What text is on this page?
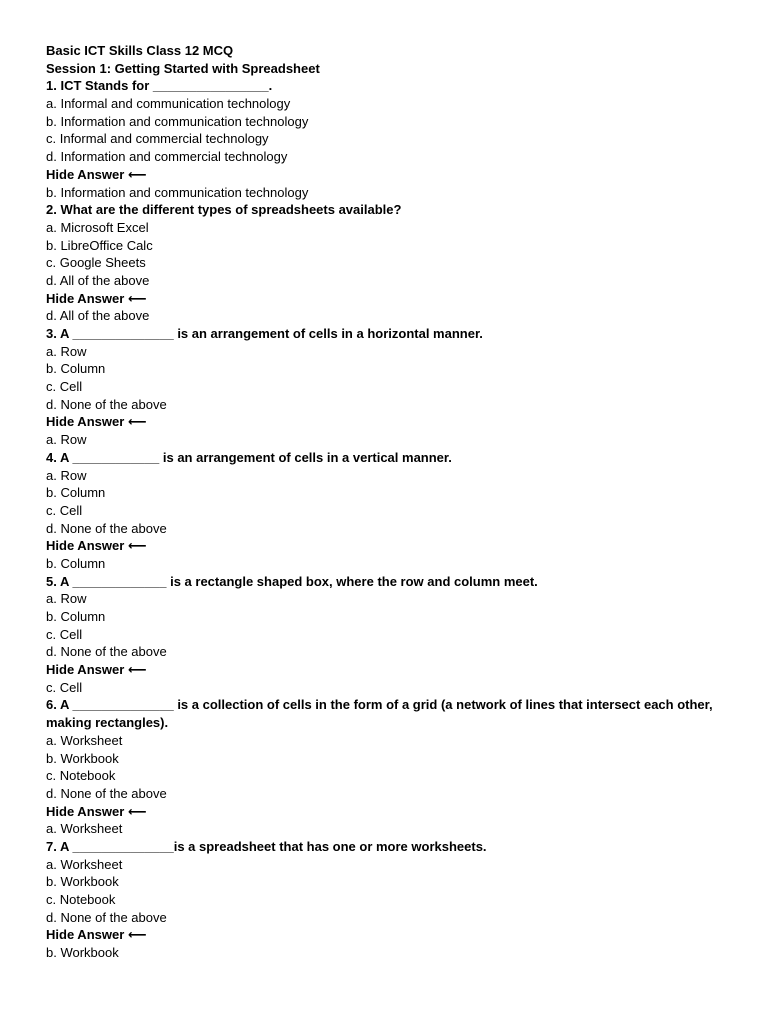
Basic ICT Skills Class 12 MCQ
Session 1: Getting Started with Spreadsheet
1. ICT Stands for ________________.
a. Informal and communication technology
b. Information and communication technology
c. Informal and commercial technology
d. Information and commercial technology
Hide Answer ⟵
b. Information and communication technology
2. What are the different types of spreadsheets available?
a. Microsoft Excel
b. LibreOffice Calc
c. Google Sheets
d. All of the above
Hide Answer ⟵
d. All of the above
3. A ______________ is an arrangement of cells in a horizontal manner.
a. Row
b. Column
c. Cell
d. None of the above
Hide Answer ⟵
a. Row
4. A ____________ is an arrangement of cells in a vertical manner.
a. Row
b. Column
c. Cell
d. None of the above
Hide Answer ⟵
b. Column
5. A _____________ is a rectangle shaped box, where the row and column meet.
a. Row
b. Column
c. Cell
d. None of the above
Hide Answer ⟵
c. Cell
6. A ______________ is a collection of cells in the form of a grid (a network of lines that intersect each other, making rectangles).
a. Worksheet
b. Workbook
c. Notebook
d. None of the above
Hide Answer ⟵
a. Worksheet
7. A ______________is a spreadsheet that has one or more worksheets.
a. Worksheet
b. Workbook
c. Notebook
d. None of the above
Hide Answer ⟵
b. Workbook
